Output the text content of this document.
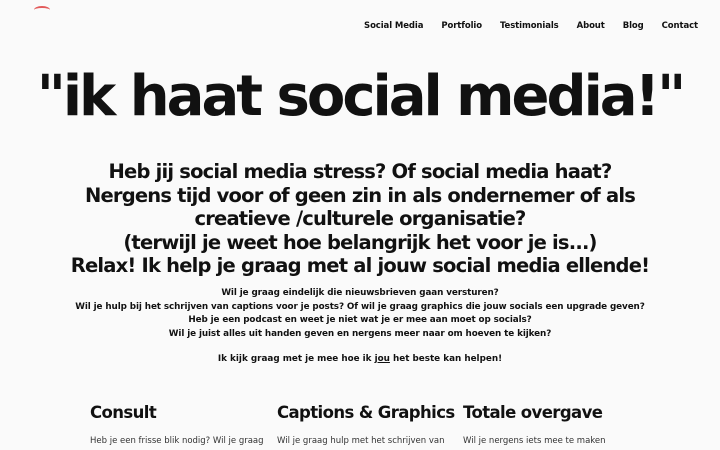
Social Media Portfolio Testimonials About Blog Contact
"ik haat social media!"

Heb jij social media stress? Of social media haat?

Nergens tijd voor of geen zin in als ondernemer of als

creatieve /culturele organisatie?

(terwijl je weet hoe belangrijk het voor je is...)

Relax! Ik help je graag met al jouw social media ellende!

Wil je graag eindelijk die nieuwsbrieven gaan versturen?

Wil je hulp bij het schrijven van captions voor je posts? Of wil je graag graphics die jouw socials een upgrade geven?

Heb je een podcast en weet je niet wat je er mee aan moet op socials?

Wil je juist alles uit handen geven en nergens meer naar om hoeven te kijken?

Ik kijk graag met je mee hoe ik jou het beste kan helpen!

Consult

Heb je een frisse blik nodig? Wil je graag

Captions & Graphics

Wil je graag hulp met het schrijven van

Totale overgave

Wil je nergens iets mee te maken
